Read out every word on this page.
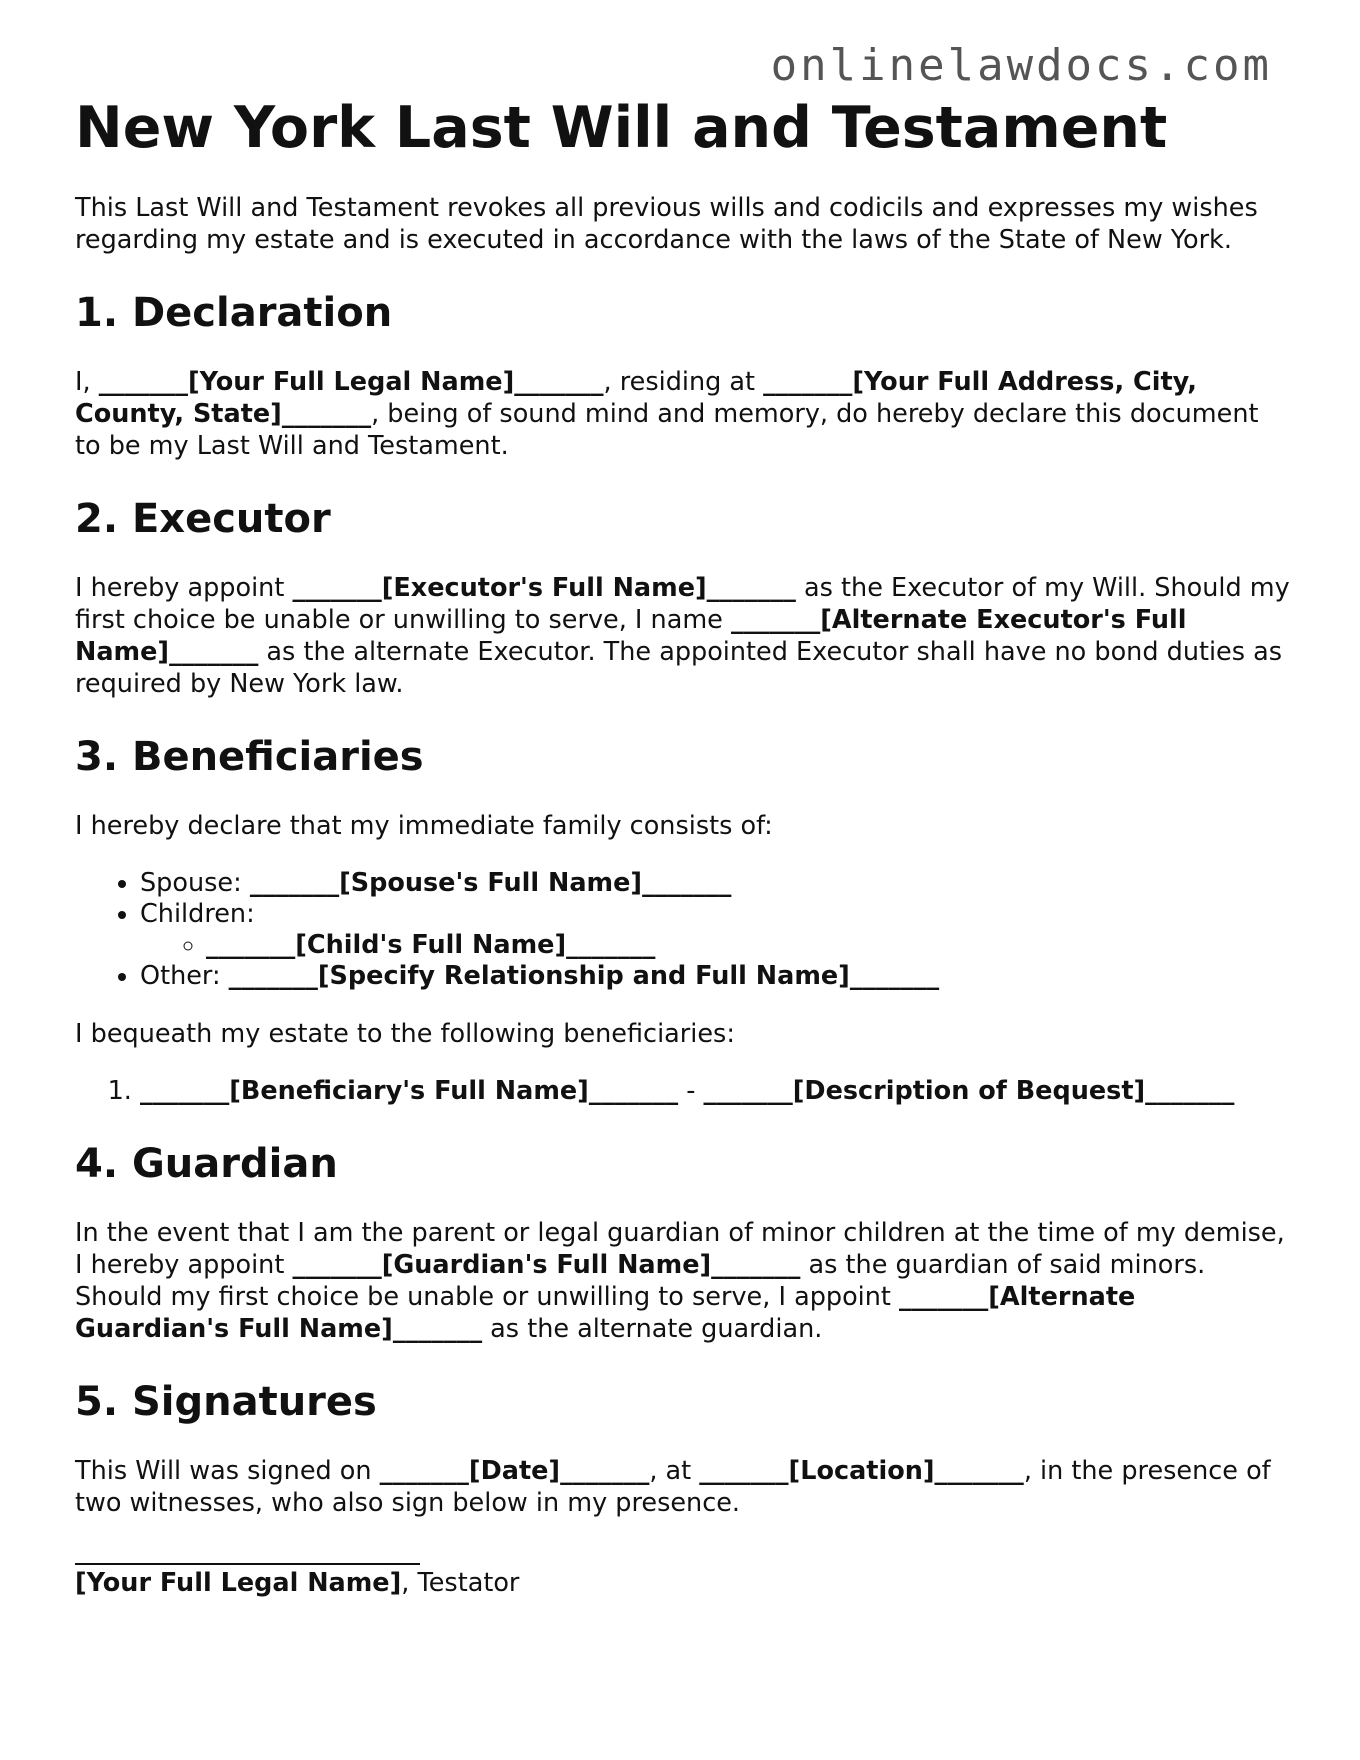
onlinelawdocs.com
New York Last Will and Testament

This Last Will and Testament revokes all previous wills and codicils and expresses my wishes regarding my estate and is executed in accordance with the laws of the State of New York.

1. Declaration

I, _______[Your Full Legal Name]_______, residing at _______[Your Full Address, City, County, State]_______, being of sound mind and memory, do hereby declare this document to be my Last Will and Testament.

2. Executor

I hereby appoint _______[Executor's Full Name]_______ as the Executor of my Will. Should my first choice be unable or unwilling to serve, I name _______[Alternate Executor's Full Name]_______ as the alternate Executor. The appointed Executor shall have no bond duties as required by New York law.

3. Beneficiaries

I hereby declare that my immediate family consists of:

• Spouse: _______[Spouse's Full Name]_______
• Children:
◦ _______[Child's Full Name]_______
• Other: _______[Specify Relationship and Full Name]_______

I bequeath my estate to the following beneficiaries:

1. _______[Beneficiary's Full Name]_______ - _______[Description of Bequest]_______
4. Guardian

In the event that I am the parent or legal guardian of minor children at the time of my demise, I hereby appoint _______[Guardian's Full Name]_______ as the guardian of said minors. Should my first choice be unable or unwilling to serve, I appoint _______[Alternate Guardian's Full Name]_______ as the alternate guardian.

5. Signatures

This Will was signed on _______[Date]_______, at _______[Location]_______, in the presence of two witnesses, who also sign below in my presence.

[Your Full Legal Name], Testator
